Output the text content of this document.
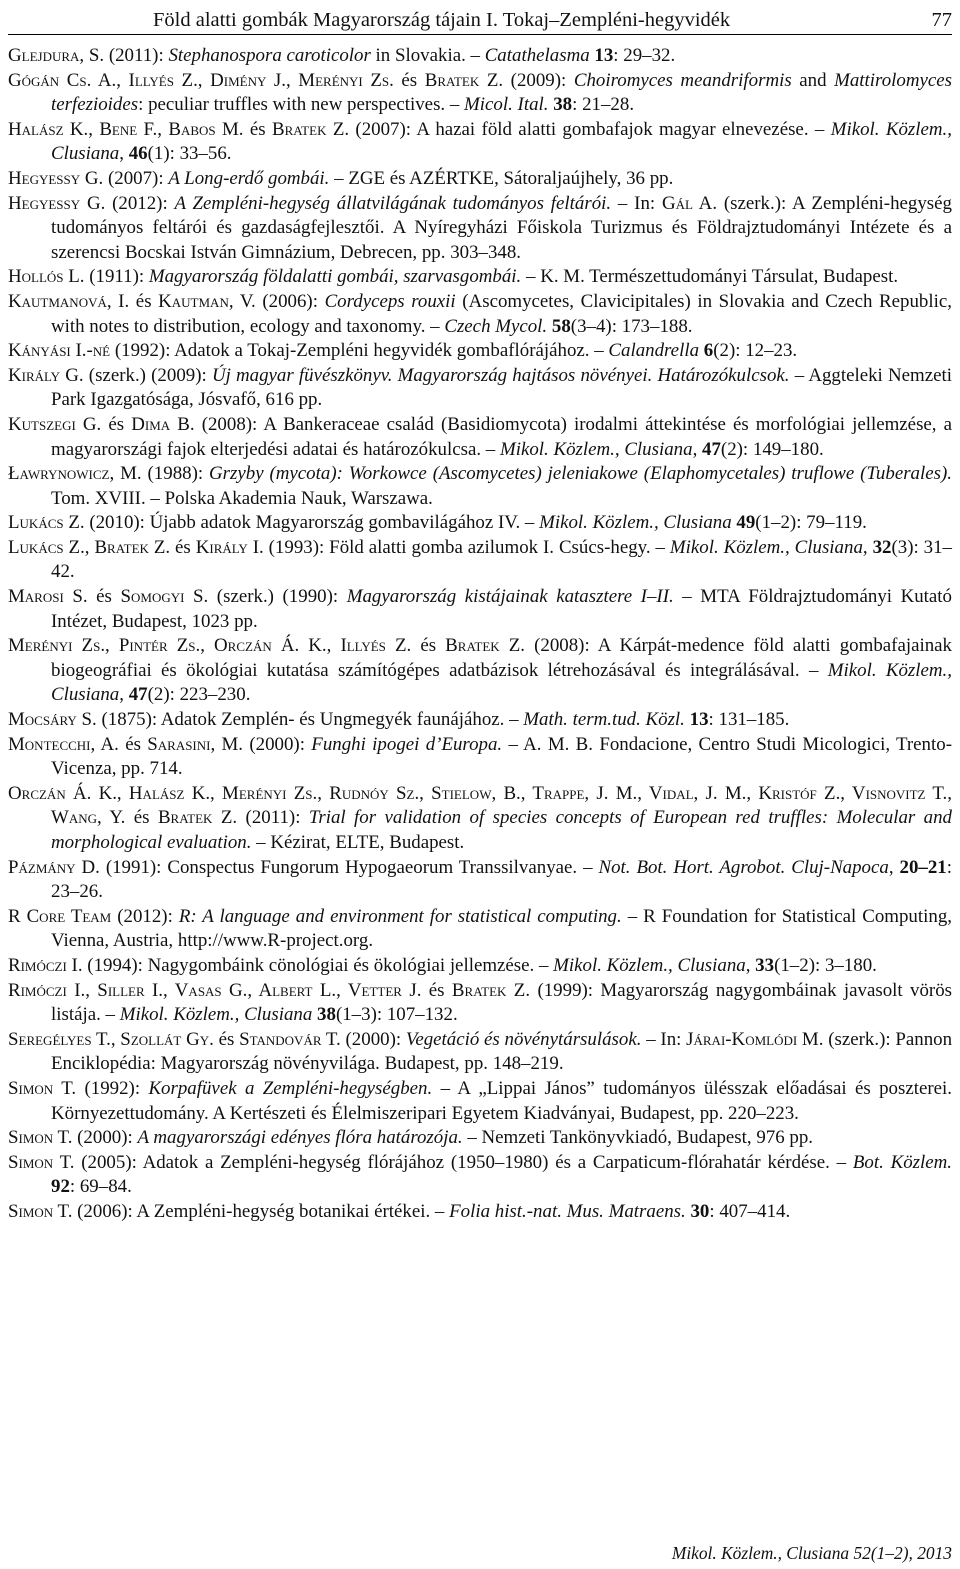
Föld alatti gombák Magyarország tájain I. Tokaj–Zempléni-hegyvidék	77

Gleјdura, S. (2011): Stephanospora caroticolor in Slovakia. – Catathelasma 13: 29–32.

Gógán Cs. A., Illyés Z., Dimény J., Merényi Zs. és Bratek Z. (2009): Choiromyces meandriformis and Mattirolomyces terfezioides: peculiar truffles with new perspectives. – Micol. Ital. 38: 21–28.

Halász K., Bene F., Babos M. és Bratek Z. (2007): A hazai föld alatti gombafajok magyar elnevezése. – Mikol. Közlem., Clusiana, 46(1): 33–56.

Hegyessy G. (2007): A Long-erdő gombái. – ZGE és AZÉRTKE, Sátoraljaújhely, 36 pp.

Hegyessy G. (2012): A Zempléni-hegység állatvilágának tudományos feltárói. – In: Gál A. (szerk.): A Zempléni-hegység tudományos feltárói és gazdaságfejlesztői. A Nyíregyházi Főiskola Turizmus és Földrajztudományi Intézete és a szerencsi Bocskai István Gimnázium, Debrecen, pp. 303–348.

Hollós L. (1911): Magyarország földalatti gombái, szarvasgombái. – K. M. Természettudományi Társulat, Budapest.

Kautmanová, I. és Kautman, V. (2006): Cordyceps rouxii (Ascomycetes, Clavicipitales) in Slovakia and Czech Republic, with notes to distribution, ecology and taxonomy. – Czech Mycol. 58(3–4): 173–188.

Kányási I.-né (1992): Adatok a Tokaj-Zempléni hegyvidék gombaflórájához. – Calandrella 6(2): 12–23.

Király G. (szerk.) (2009): Új magyar füvészkönyv. Magyarország hajtásos növényei. Határozókulcsok. – Aggteleki Nemzeti Park Igazgatósága, Jósvafő, 616 pp.

Kutszegi G. és Dima B. (2008): A Bankeraceae család (Basidiomycota) irodalmi áttekintése és morfológiai jellemzése, a magyarországi fajok elterjedési adatai és határozókulcsa. – Mikol. Közlem., Clusiana, 47(2): 149–180.

Ławrynowicz, M. (1988): Grzyby (mycota): Workowce (Ascomycetes) jeleniakowe (Elaphomycetales) truflowe (Tuberales). Tom. XVIII. – Polska Akademia Nauk, Warszawa.

Lukács Z. (2010): Újabb adatok Magyarország gombavilágához IV. – Mikol. Közlem., Clusiana 49(1–2): 79–119.

Lukács Z., Bratek Z. és Király I. (1993): Föld alatti gomba azilumok I. Csúcs-hegy. – Mikol. Közlem., Clusiana, 32(3): 31–42.

Marosi S. és Somogyi S. (szerk.) (1990): Magyarország kistájainak katasztere I–II. – MTA Földrajztudományi Kutató Intézet, Budapest, 1023 pp.

Merényi Zs., Pintér Zs., Orczán Á. K., Illyés Z. és Bratek Z. (2008): A Kárpát-medence föld alatti gombafajainak biogeográfiai és ökológiai kutatása számítógépes adatbázisok létrehozásával és integrálásával. – Mikol. Közlem., Clusiana, 47(2): 223–230.

Mocsáry S. (1875): Adatok Zemplén- és Ungmegyék faunájához. – Math. term.tud. Közl. 13: 131–185.

Montecchi, A. és Sarasini, M. (2000): Funghi ipogei d’Europa. – A. M. B. Fondacione, Centro Studi Micologici, Trento-Vicenza, pp. 714.

Orczán Á. K., Halász K., Merényi Zs., Rudnóy Sz., Stielow, B., Trappe, J. M., Vidal, J. M., Kristóf Z., Visnovitz T., Wang, Y. és Bratek Z. (2011): Trial for validation of species concepts of European red truffles: Molecular and morphological evaluation. – Kézirat, ELTE, Budapest.

Pázmány D. (1991): Conspectus Fungorum Hypogaeorum Transsilvanyae. – Not. Bot. Hort. Agrobot. Cluj-Napoca, 20–21: 23–26.

R Core Team (2012): R: A language and environment for statistical computing. – R Foundation for Statistical Computing, Vienna, Austria, http://www.R-project.org.

Rimóczi I. (1994): Nagygombáink cönológiai és ökológiai jellemzése. – Mikol. Közlem., Clusiana, 33(1–2): 3–180.

Rimóczi I., Siller I., Vasas G., Albert L., Vetter J. és Bratek Z. (1999): Magyarország nagygombáinak javasolt vörös listája. – Mikol. Közlem., Clusiana 38(1–3): 107–132.

Seregélyes T., Szollát Gy. és Standovár T. (2000): Vegetáció és növénytársulások. – In: Járai-Komlódi M. (szerk.): Pannon Enciklopédia: Magyarország növényvilága. Budapest, pp. 148–219.

Simon T. (1992): Korpafüvek a Zempléni-hegységben. – A „Lippai János” tudományos ülésszak előadásai és poszterei. Környezettudomány. A Kertészeti és Élelmiszeripari Egyetem Kiadványai, Budapest, pp. 220–223.

Simon T. (2000): A magyarországi edényes flóra határozója. – Nemzeti Tankönyvkiadó, Budapest, 976 pp.

Simon T. (2005): Adatok a Zempléni-hegység flórájához (1950–1980) és a Carpaticum-flórahatár kérdése. – Bot. Közlem. 92: 69–84.

Simon T. (2006): A Zempléni-hegység botanikai értékei. – Folia hist.-nat. Mus. Matraens. 30: 407–414.

Mikol. Közlem., Clusiana 52(1–2), 2013
